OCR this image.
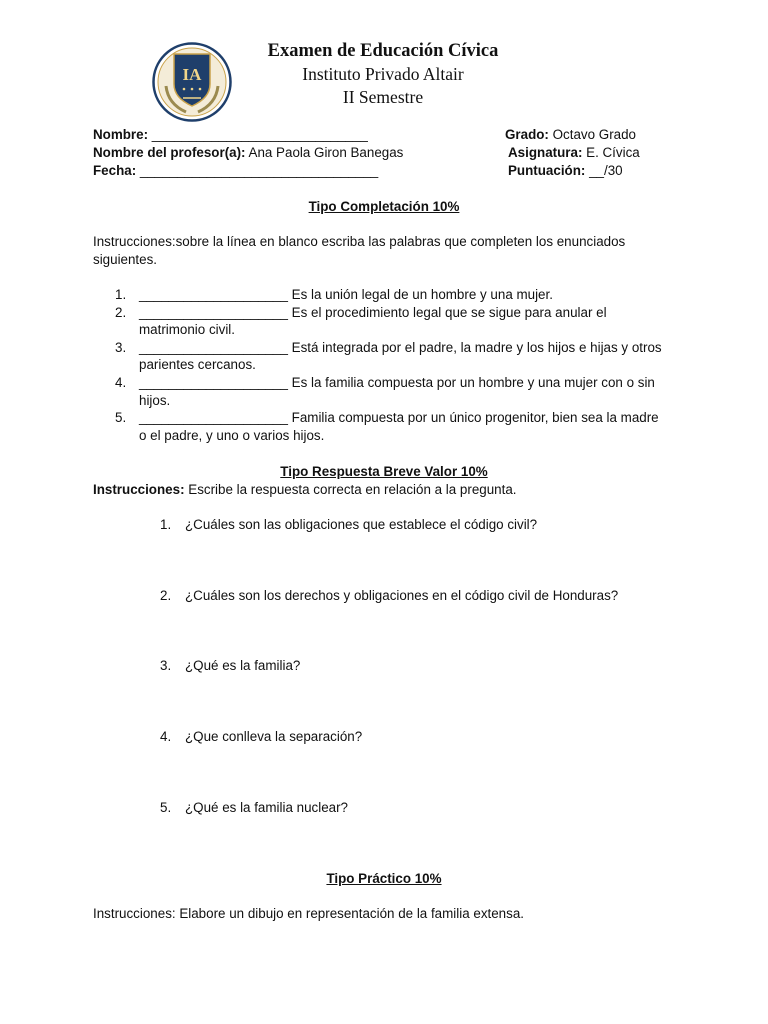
IA
Examen de Educación Cívica
Instituto Privado Altair
II Semestre
Nombre: _____________________________
Nombre del profesor(a): Ana Paola Giron Banegas
Fecha: ________________________________
Grado: Octavo Grado
Asignatura: E. Cívica
Puntuación: __/30
Tipo Completación 10%
Instrucciones:sobre la línea en blanco escriba las palabras que completen los enunciados siguientes.
1. ____________________ Es la unión legal de un hombre y una mujer.
2. ____________________ Es el procedimiento legal que se sigue para anular el matrimonio civil.
3. ____________________ Está integrada por el padre, la madre y los hijos e hijas y otros parientes cercanos.
4. ____________________ Es la familia compuesta por un hombre y una mujer con o sin hijos.
5. ____________________ Familia compuesta por un único progenitor, bien sea la madre o el padre, y uno o varios hijos.
Tipo Respuesta Breve Valor 10%
Instrucciones: Escribe la respuesta correcta en relación a la pregunta.
1. ¿Cuáles son las obligaciones que establece el código civil?
2. ¿Cuáles son los derechos y obligaciones en el código civil de Honduras?
3. ¿Qué es la familia?
4. ¿Que conlleva la separación?
5. ¿Qué es la familia nuclear?
Tipo Práctico 10%
Instrucciones: Elabore un dibujo en representación de la familia extensa.
